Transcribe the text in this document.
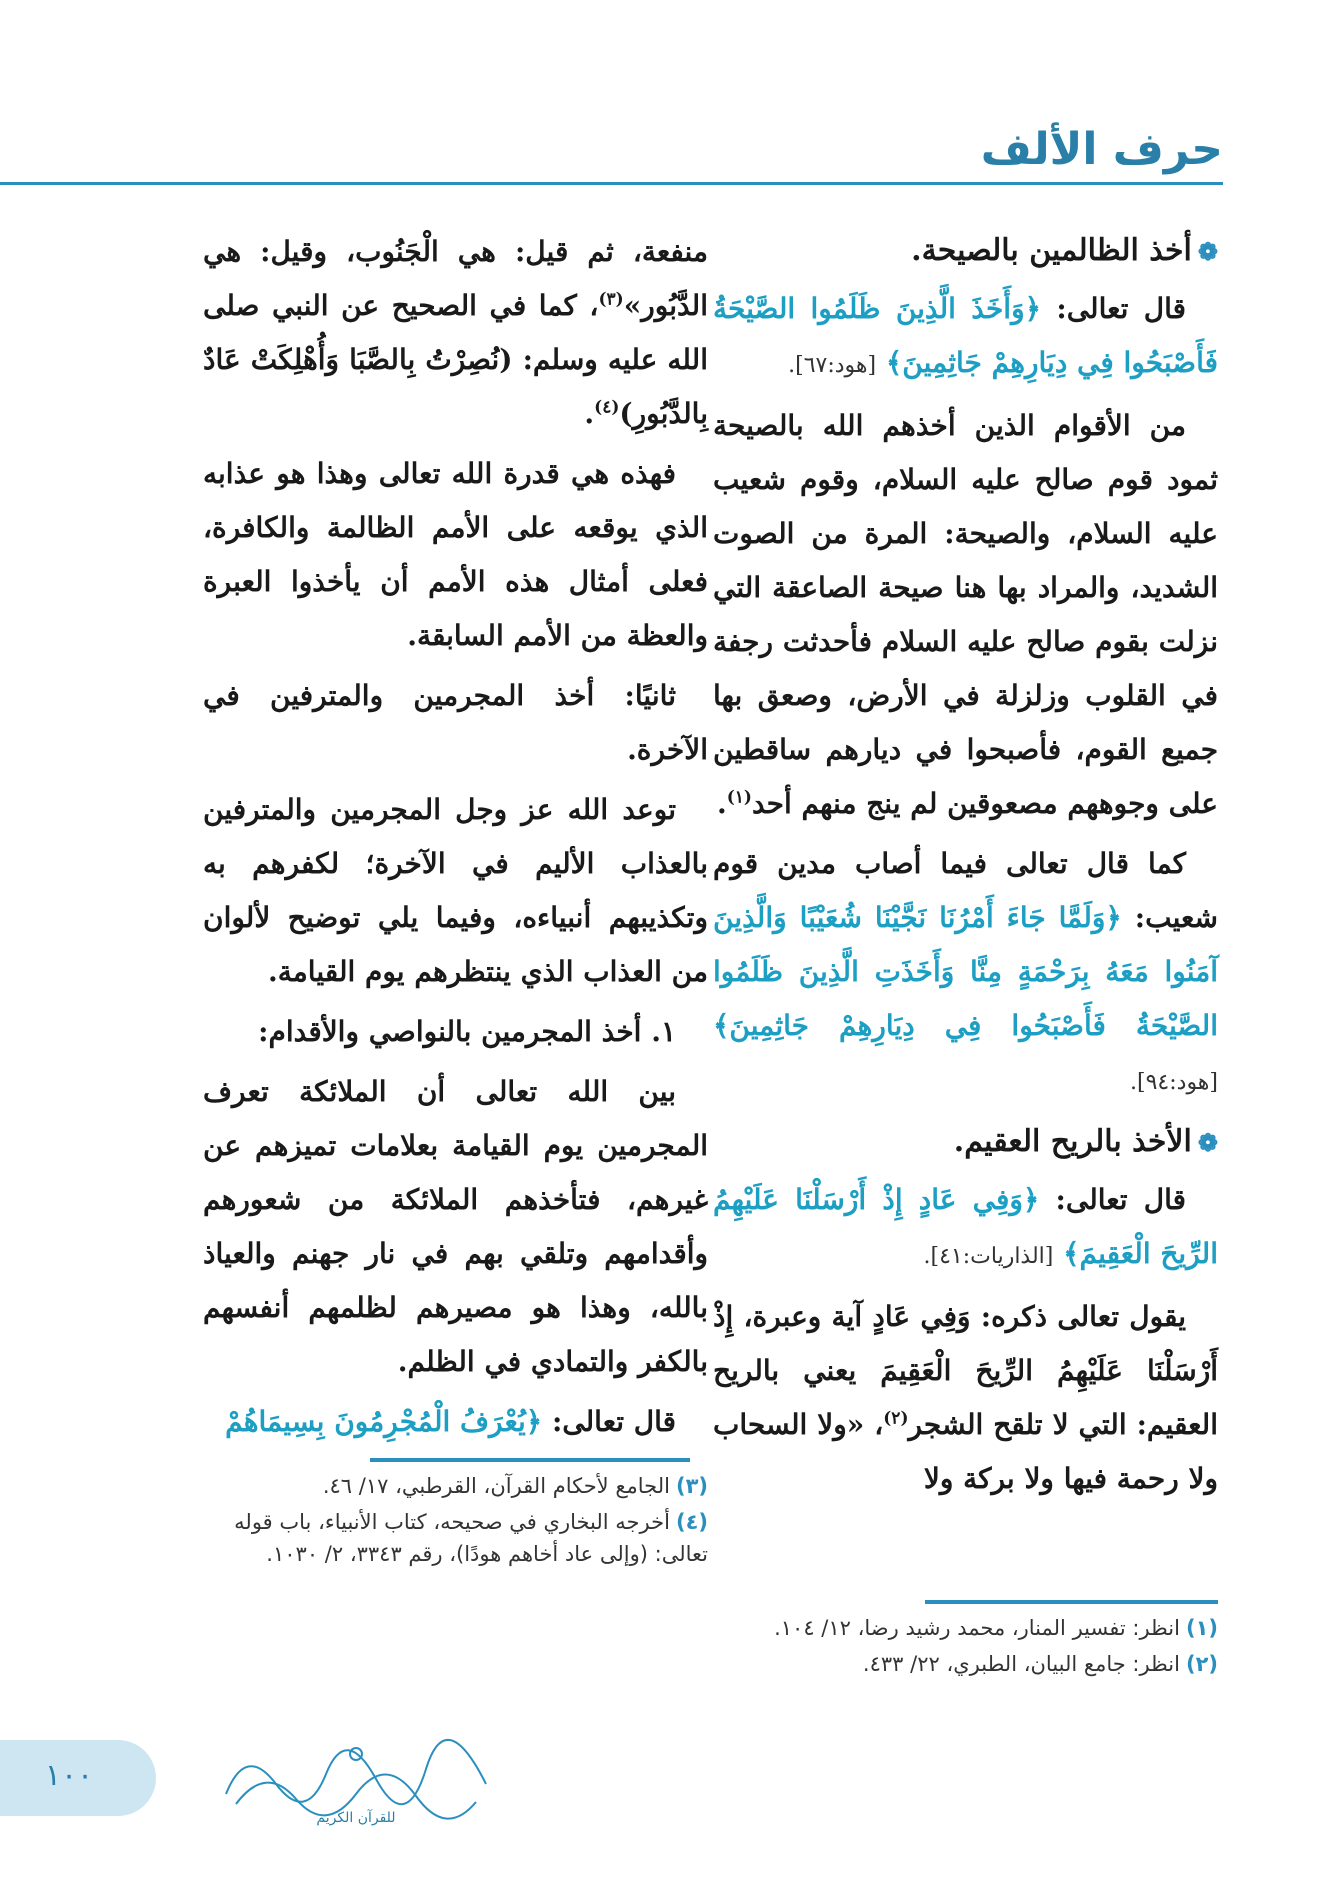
حرف الألف
❁أخذ الظالمين بالصيحة.

قال تعالى: ﴿وَأَخَذَ الَّذِينَ ظَلَمُوا الصَّيْحَةُ فَأَصْبَحُوا فِي دِيَارِهِمْ جَاثِمِينَ﴾ [هود:٦٧].

من الأقوام الذين أخذهم الله بالصيحة ثمود قوم صالح عليه السلام، وقوم شعيب عليه السلام، والصيحة: المرة من الصوت الشديد، والمراد بها هنا صيحة الصاعقة التي نزلت بقوم صالح عليه السلام فأحدثت رجفة في القلوب وزلزلة في الأرض، وصعق بها جميع القوم، فأصبحوا في ديارهم ساقطين على وجوههم مصعوقين لم ينج منهم أحد$^{(١)}$.

كما قال تعالى فيما أصاب مدين قوم شعيب: ﴿وَلَمَّا جَاءَ أَمْرُنَا نَجَّيْنَا شُعَيْبًا وَالَّذِينَ آمَنُوا مَعَهُ بِرَحْمَةٍ مِنَّا وَأَخَذَتِ الَّذِينَ ظَلَمُوا الصَّيْحَةُ فَأَصْبَحُوا فِي دِيَارِهِمْ جَاثِمِينَ﴾ [هود:٩٤].

❁الأخذ بالريح العقيم.

قال تعالى: ﴿وَفِي عَادٍ إِذْ أَرْسَلْنَا عَلَيْهِمُ الرِّيحَ الْعَقِيمَ﴾ [الذاريات:٤١].

يقول تعالى ذكره: وَفِي عَادٍ آية وعبرة، إِذْ أَرْسَلْنَا عَلَيْهِمُ الرِّيحَ الْعَقِيمَ يعني بالريح العقيم: التي لا تلقح الشجر$^{(٢)}$، «ولا السحاب ولا رحمة فيها ولا بركة ولا

منفعة، ثم قيل: هي الْجَنُوب، وقيل: هي الدَّبُور»$^{(٣)}$، كما في الصحيح عن النبي صلى الله عليه وسلم: (نُصِرْتُ بِالصَّبَا وَأُهْلِكَتْ عَادٌ بِالدَّبُورِ)$^{(٤)}$.

فهذه هي قدرة الله تعالى وهذا هو عذابه الذي يوقعه على الأمم الظالمة والكافرة، فعلى أمثال هذه الأمم أن يأخذوا العبرة والعظة من الأمم السابقة.

ثانيًا: أخذ المجرمين والمترفين في الآخرة.

توعد الله عز وجل المجرمين والمترفين بالعذاب الأليم في الآخرة؛ لكفرهم به وتكذيبهم أنبياءه، وفيما يلي توضيح لألوان من العذاب الذي ينتظرهم يوم القيامة.

١. أخذ المجرمين بالنواصي والأقدام:

بين الله تعالى أن الملائكة تعرف المجرمين يوم القيامة بعلامات تميزهم عن غيرهم، فتأخذهم الملائكة من شعورهم وأقدامهم وتلقي بهم في نار جهنم والعياذ بالله، وهذا هو مصيرهم لظلمهم أنفسهم بالكفر والتمادي في الظلم.

قال تعالى: ﴿يُعْرَفُ الْمُجْرِمُونَ بِسِيمَاهُمْ

(١)انظر: تفسير المنار، محمد رشيد رضا، ١٢/ ١٠٤.

(٢)انظر: جامع البيان، الطبري، ٢٢/ ٤٣٣.

(٣)الجامع لأحكام القرآن، القرطبي، ١٧/ ٤٦.

(٤)أخرجه البخاري في صحيحه، كتاب الأنبياء، باب قوله تعالى: (وإلى عاد أخاهم هودًا)، رقم ٣٣٤٣، ٢/ ١٠٣٠.

١٠٠
للقرآن الكريم
